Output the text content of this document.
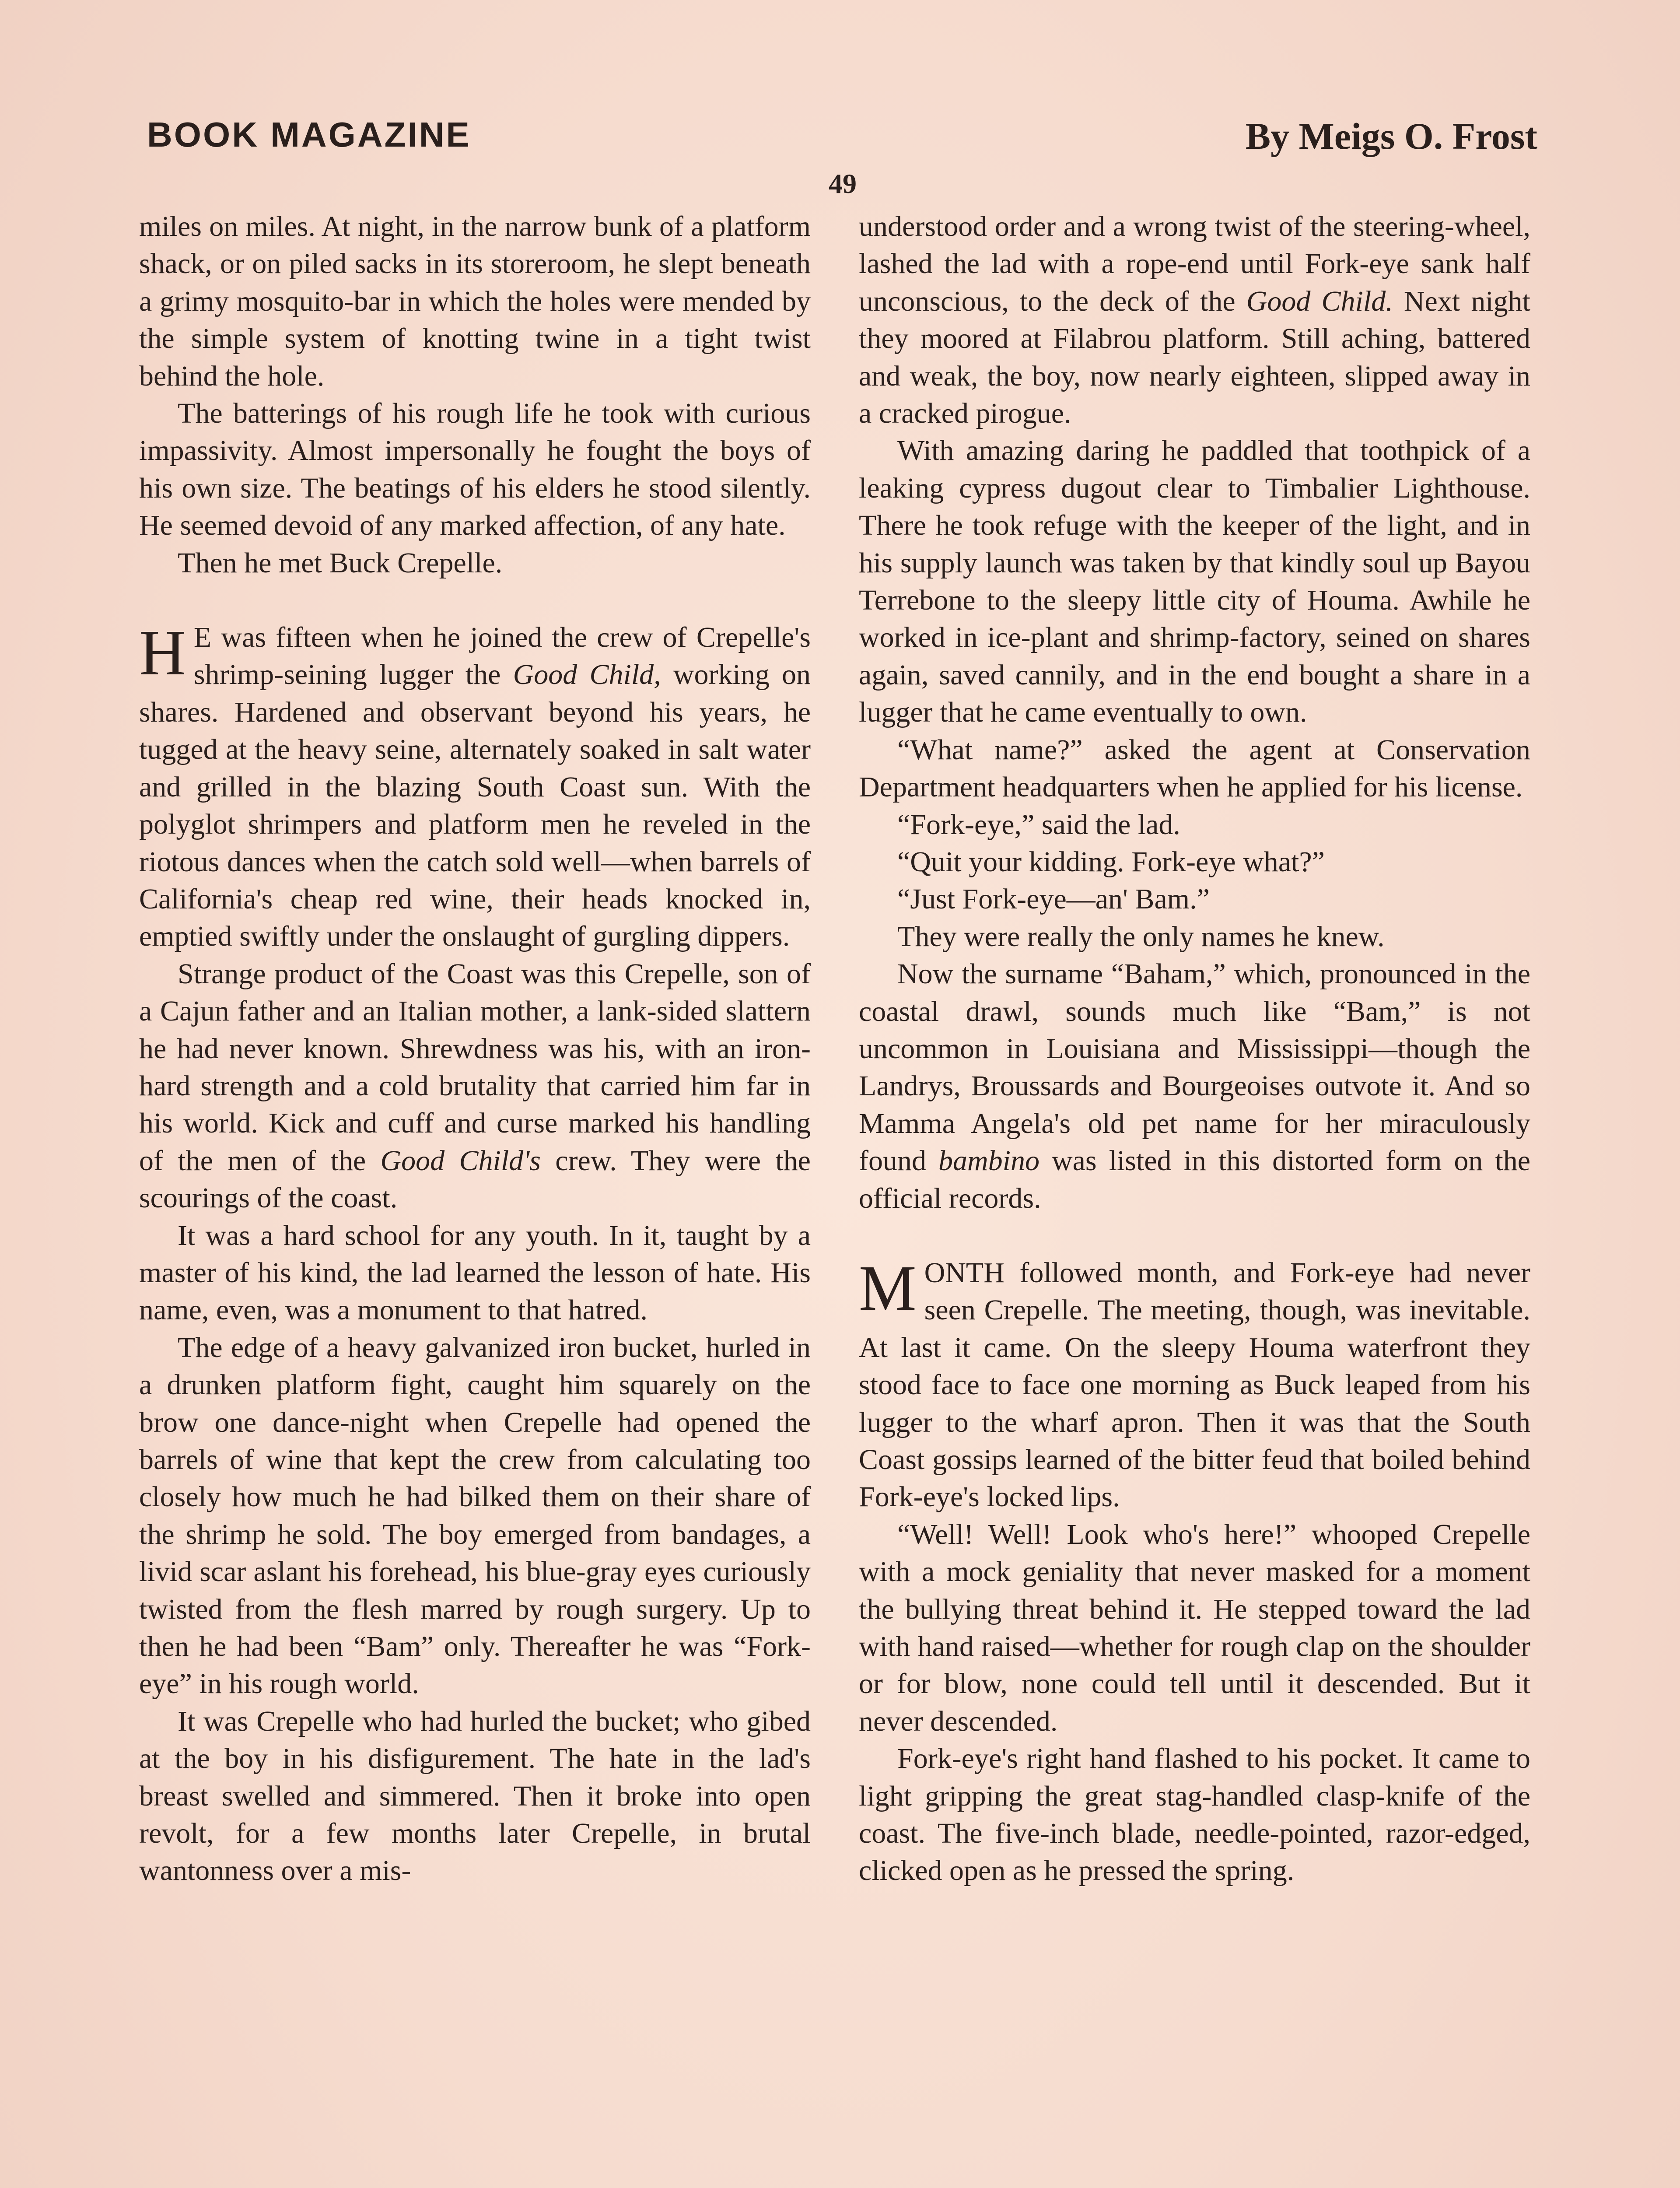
BOOK MAGAZINE	By Meigs O. Frost
49

miles on miles. At night, in the narrow bunk of a platform shack, or on piled sacks in its storeroom, he slept beneath a grimy mosquito-bar in which the holes were mended by the simple system of knotting twine in a tight twist behind the hole.

The batterings of his rough life he took with curious impassivity. Almost impersonally he fought the boys of his own size. The beatings of his elders he stood silently. He seemed devoid of any marked affection, of any hate.

Then he met Buck Crepelle.

H E was fifteen when he joined the crew of Crepelle's shrimp-seining lugger the Good Child, working on shares. Hardened and observant beyond his years, he tugged at the heavy seine, alternately soaked in salt water and grilled in the blazing South Coast sun. With the polyglot shrimpers and platform men he reveled in the riotous dances when the catch sold well—when barrels of California's cheap red wine, their heads knocked in, emptied swiftly under the onslaught of gurgling dippers.

Strange product of the Coast was this Crepelle, son of a Cajun father and an Italian mother, a lank-sided slattern he had never known. Shrewdness was his, with an iron-hard strength and a cold brutality that carried him far in his world. Kick and cuff and curse marked his handling of the men of the Good Child's crew. They were the scourings of the coast.

It was a hard school for any youth. In it, taught by a master of his kind, the lad learned the lesson of hate. His name, even, was a monument to that hatred.

The edge of a heavy galvanized iron bucket, hurled in a drunken platform fight, caught him squarely on the brow one dance-night when Crepelle had opened the barrels of wine that kept the crew from calculating too closely how much he had bilked them on their share of the shrimp he sold. The boy emerged from bandages, a livid scar aslant his forehead, his blue-gray eyes curiously twisted from the flesh marred by rough surgery. Up to then he had been “Bam” only. Thereafter he was “Fork-eye” in his rough world.

It was Crepelle who had hurled the bucket; who gibed at the boy in his disfigurement. The hate in the lad's breast swelled and simmered. Then it broke into open revolt, for a few months later Crepelle, in brutal wantonness over a mis-

understood order and a wrong twist of the steering-wheel, lashed the lad with a rope-end until Fork-eye sank half unconscious, to the deck of the Good Child. Next night they moored at Filabrou platform. Still aching, battered and weak, the boy, now nearly eighteen, slipped away in a cracked pirogue.

With amazing daring he paddled that toothpick of a leaking cypress dugout clear to Timbalier Lighthouse. There he took refuge with the keeper of the light, and in his supply launch was taken by that kindly soul up Bayou Terrebone to the sleepy little city of Houma. Awhile he worked in ice-plant and shrimp-factory, seined on shares again, saved cannily, and in the end bought a share in a lugger that he came eventually to own.

“What name?” asked the agent at Conservation Department headquarters when he applied for his license.

“Fork-eye,” said the lad.

“Quit your kidding. Fork-eye what?”

“Just Fork-eye—an' Bam.”

They were really the only names he knew.

Now the surname “Baham,” which, pronounced in the coastal drawl, sounds much like “Bam,” is not uncommon in Louisiana and Mississippi—though the Landrys, Broussards and Bourgeoises outvote it. And so Mamma Angela's old pet name for her miraculously found bambino was listed in this distorted form on the official records.

MONTH followed month, and Fork-eye had never seen Crepelle. The meeting, though, was inevitable. At last it came. On the sleepy Houma waterfront they stood face to face one morning as Buck leaped from his lugger to the wharf apron. Then it was that the South Coast gossips learned of the bitter feud that boiled behind Fork-eye's locked lips.

“Well! Well! Look who's here!” whooped Crepelle with a mock geniality that never masked for a moment the bullying threat behind it. He stepped toward the lad with hand raised—whether for rough clap on the shoulder or for blow, none could tell until it descended. But it never descended.

Fork-eye's right hand flashed to his pocket. It came to light gripping the great stag-handled clasp-knife of the coast. The five-inch blade, needle-pointed, razor-edged, clicked open as he pressed the spring.
